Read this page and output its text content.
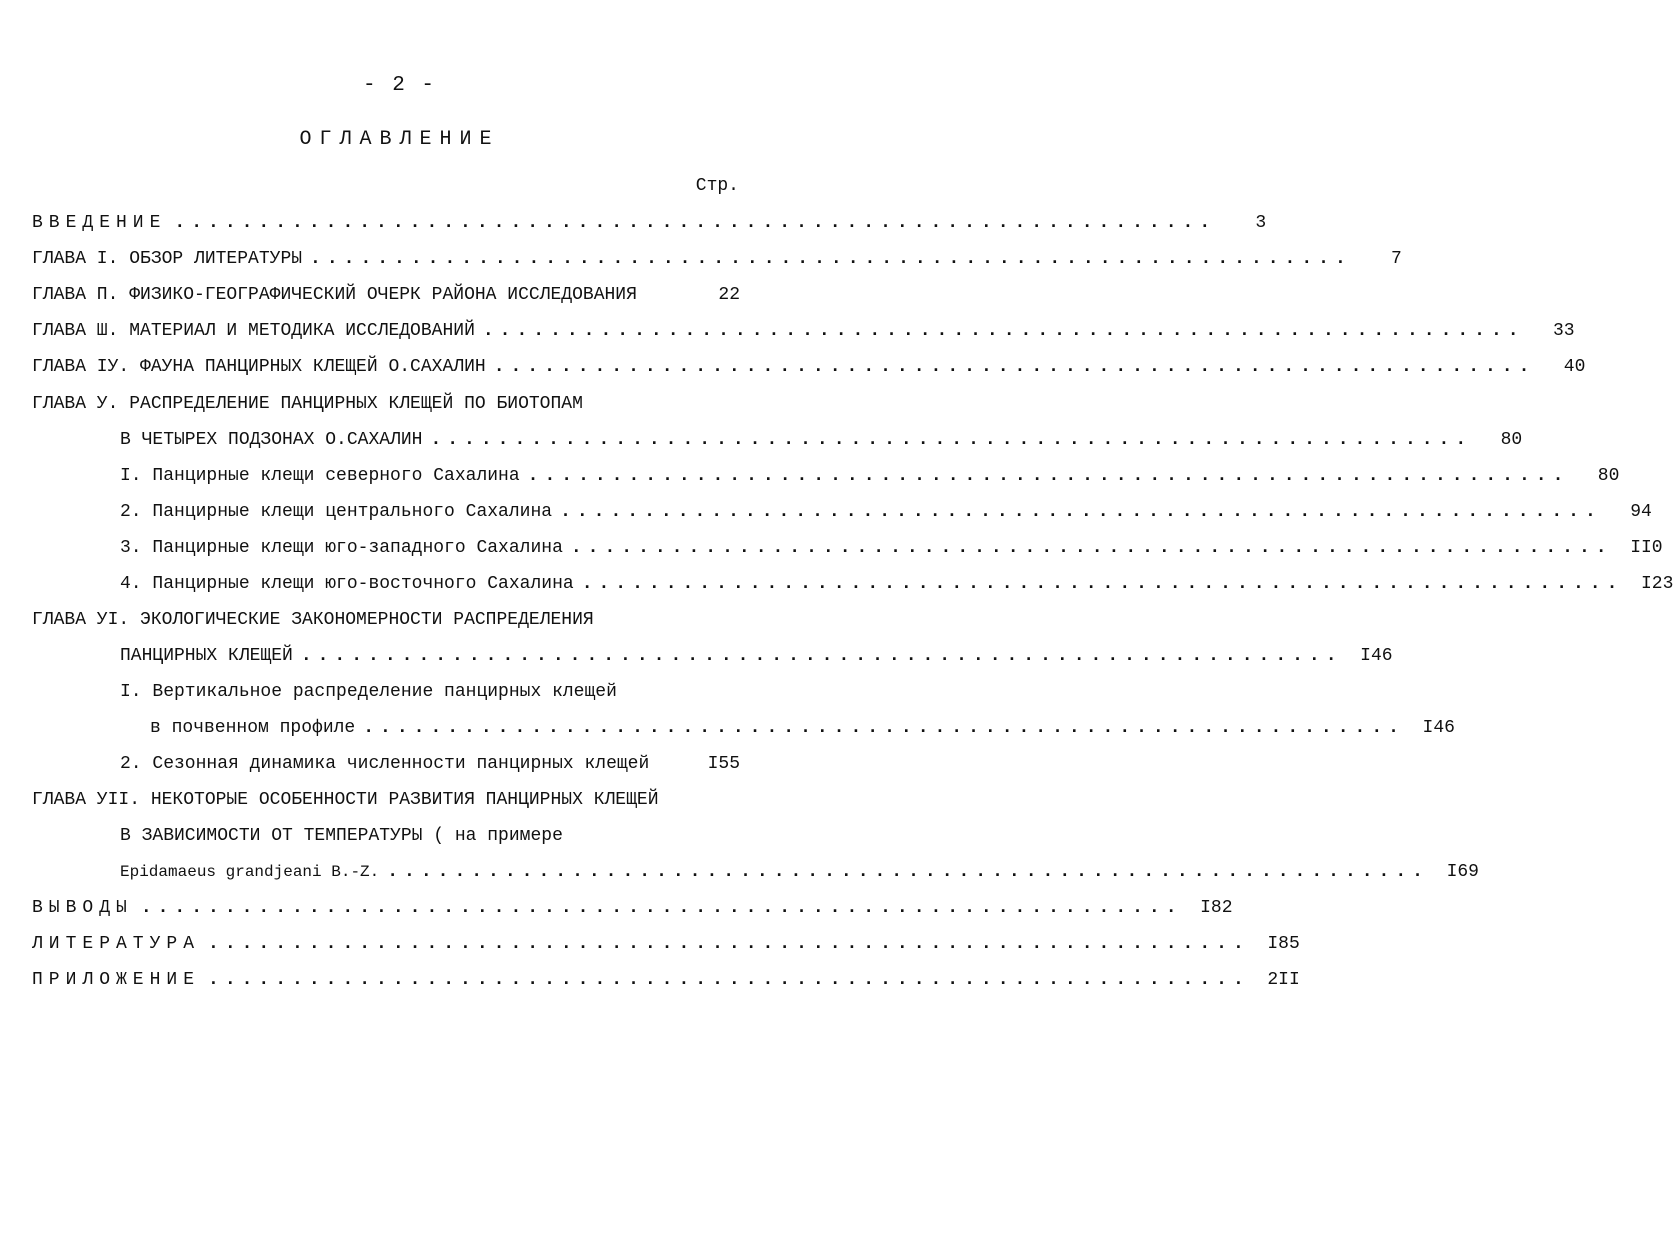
- 2 -
ОГЛАВЛЕНИЕ
Стр.
ВВЕДЕНИЕ ..............................................................	3
ГЛАВА I. ОБЗОР ЛИТЕРАТУРЫ ..............................................................	7
ГЛАВА П. ФИЗИКО-ГЕОГРАФИЧЕСКИЙ ОЧЕРК РАЙОНА ИССЛЕДОВАНИЯ	22
ГЛАВА Ш. МАТЕРИАЛ И МЕТОДИКА ИССЛЕДОВАНИЙ ..............................................................	33
ГЛАВА IУ. ФАУНА ПАНЦИРНЫХ КЛЕЩЕЙ О.САХАЛИН ..............................................................	40
ГЛАВА У. РАСПРЕДЕЛЕНИЕ ПАНЦИРНЫХ КЛЕЩЕЙ ПО БИОТОПАМ
В ЧЕТЫРЕХ ПОДЗОНАХ О.САХАЛИН ..............................................................	80
I. Панцирные клещи северного Сахалина ..............................................................	80
2. Панцирные клещи центрального Сахалина ..............................................................	94
3. Панцирные клещи юго-западного Сахалина .............................................................. II0
4. Панцирные клещи юго-восточного Сахалина .............................................................. I23
ГЛАВА УI. ЭКОЛОГИЧЕСКИЕ ЗАКОНОМЕРНОСТИ РАСПРЕДЕЛЕНИЯ
ПАНЦИРНЫХ КЛЕЩЕЙ .............................................................. I46
I. Вертикальное распределение панцирных клещей
в почвенном профиле .............................................................. I46
2. Сезонная динамика численности панцирных клещей	I55
ГЛАВА УII. НЕКОТОРЫЕ ОСОБЕННОСТИ РАЗВИТИЯ ПАНЦИРНЫХ КЛЕЩЕЙ
В ЗАВИСИМОСТИ ОТ ТЕМПЕРАТУРЫ ( на примере
Epidamaeus grandjeani B.-Z. .............................................................. I69
ВЫВОДЫ .............................................................. I82
ЛИТЕРАТУРА .............................................................. I85
ПРИЛОЖЕНИЕ .............................................................. 2II
